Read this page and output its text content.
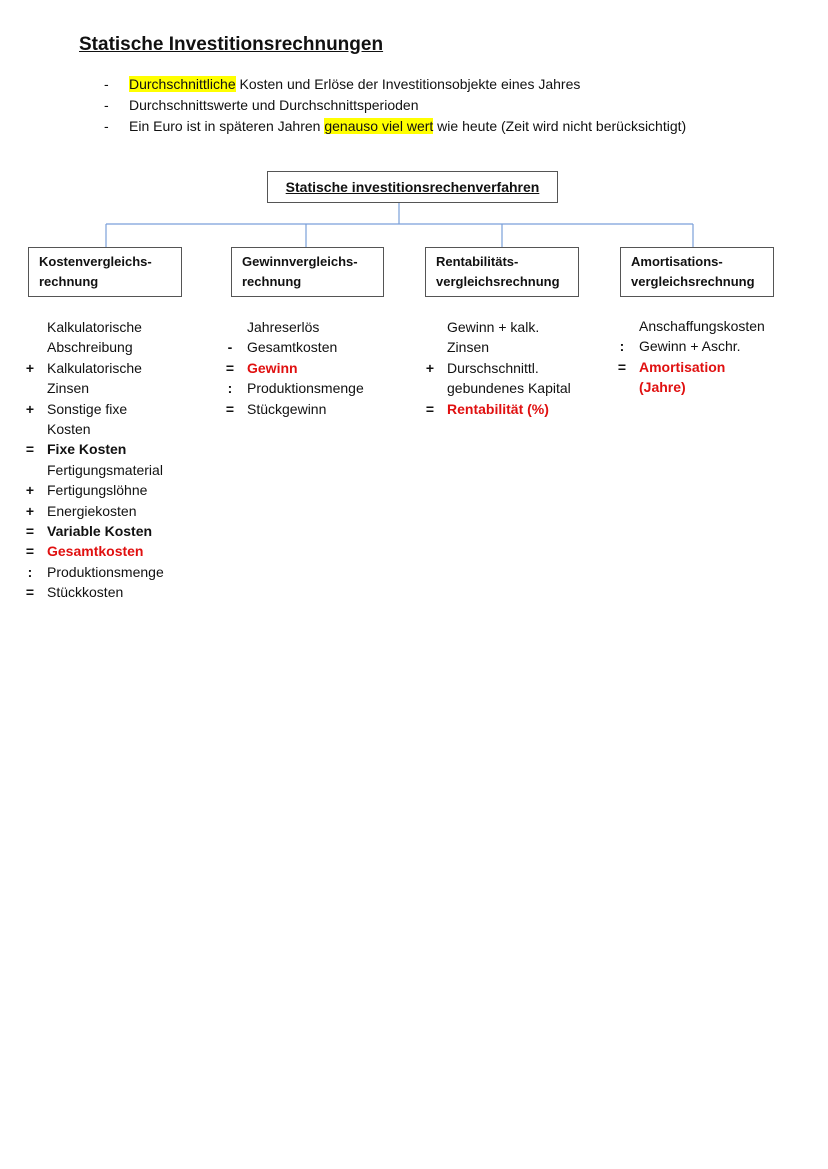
Statische Investitionsrechnungen
- Durchschnittliche Kosten und Erlöse der Investitionsobjekte eines Jahres
- Durchschnittswerte und Durchschnittsperioden
- Ein Euro ist in späteren Jahren genauso viel wert wie heute (Zeit wird nicht berücksichtigt)
Statische investitionsrechenverfahren
Kostenvergleichs-
rechnung
Gewinnvergleichs-
rechnung
Rentabilitäts-
vergleichsrechnung
Amortisations-
vergleichsrechnung
Kalkulatorische
Abschreibung
+ Kalkulatorische
Zinsen
+ Sonstige fixe
Kosten
= Fixe Kosten
Fertigungsmaterial
+ Fertigungslöhne
+ Energiekosten
= Variable Kosten
= Gesamtkosten
:	Produktionsmenge
= Stückkosten
Jahreserlös
-	Gesamtkosten
= Gewinn
:	Produktionsmenge
= Stückgewinn
Gewinn + kalk.
Zinsen
+ Durschschnittl.
gebundenes Kapital
= Rentabilität (%)
Anschaffungskosten
:	Gewinn + Aschr.
= Amortisation
(Jahre)
